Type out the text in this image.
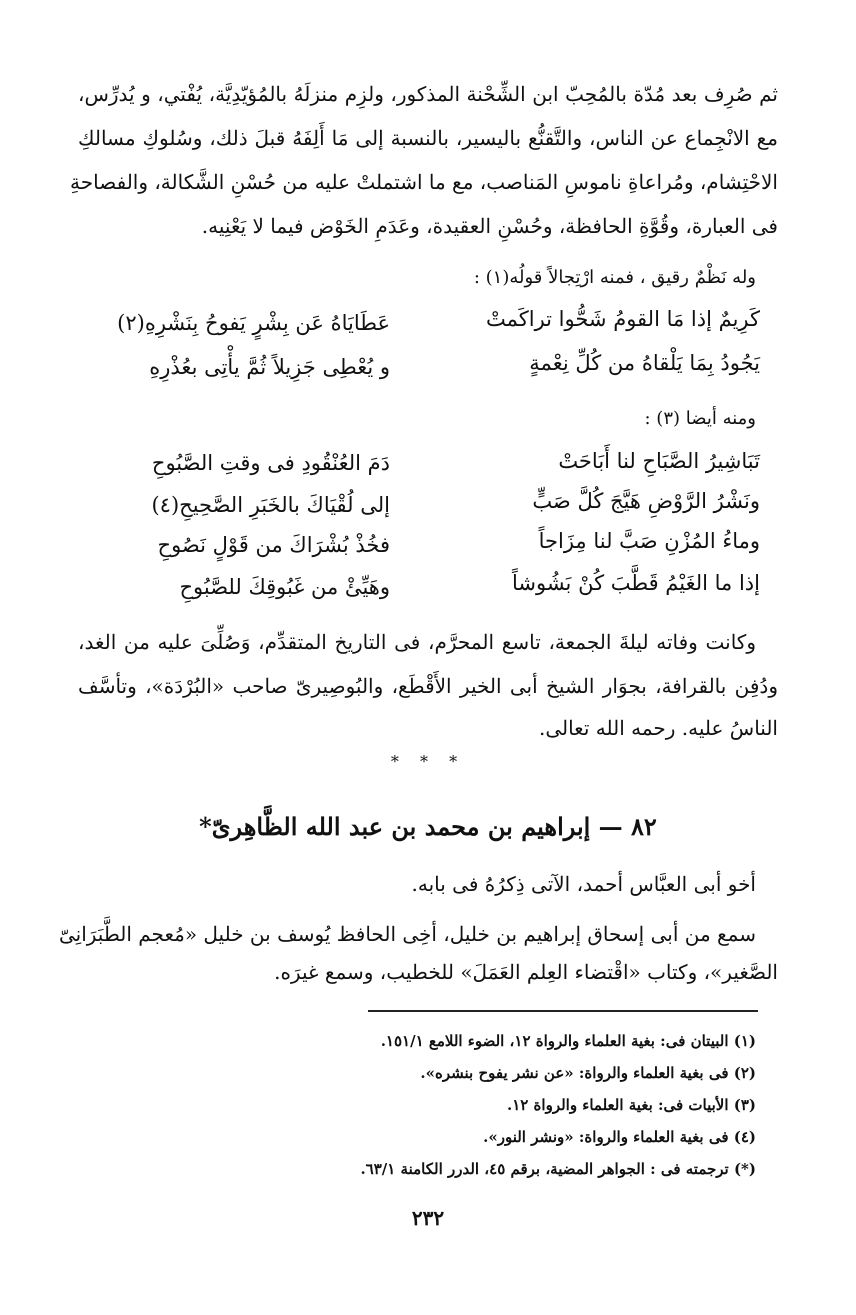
ثم صُرِف بعد مُدّة بالمُحِبّ ابن الشِّحْنة المذكور، ولزِم منزلَهُ بالمُؤيّدِيَّة، يُفْتي، و يُدرِّس،
مع الانْجِماع عن الناس، والتَّقنُّع باليسير، بالنسبة إلى مَا أَلِفَهُ قبلَ ذلك، وسُلوكِ مسالكِ
الاحْتِشام، ومُراعاةِ ناموسِ المَناصب، مع ما اشتملتْ عليه من حُسْنِ الشَّكالة، والفصاحةِ
فى العبارة، وقُوَّةِ الحافظة، وحُسْنِ العقيدة، وعَدَمِ الخَوْض فيما لا يَعْنِيه.
وله نَظْمٌ رقيق ، فمنه ارْتِجالاً قولُه(١) :
كَرِيمٌ إذا مَا القومُ شَحُّوا تراكَمتْ
عَطَايَاهُ عَن بِشْرٍ يَفوحُ بِنَشْرِهِ(٢)
يَجُودُ بِمَا يَلْقاهُ من كُلِّ نِعْمةٍ
و يُعْطِى جَزِيلاً ثُمَّ يأْتِى بعُذْرِهِ
ومنه أيضا (٣) :
تَبَاشِيرُ الصَّبَاحِ لنا أَبَاحَتْ
دَمَ العُنْقُودِ فى وقتِ الصَّبُوحِ
ونَشْرُ الرَّوْضِ هَيَّجَ كُلَّ صَبٍّ
إلى لُقْيَاكَ بالخَبَرِ الصَّحِيحِ(٤)
وماءُ المُزْنِ صَبَّ لنا مِزَاجاً
فخُذْ بُشْرَاكَ من قَوْلٍ نَصُوحِ
إذا ما الغَيْمُ قَطَّبَ كُنْ بَشُوشاً
وهَيِّئْ من غَبُوقِكَ للصَّبُوحِ
وكانت وفاته ليلةَ الجمعة، تاسع المحرَّم، فى التاريخ المتقدِّم، وَصُلِّىَ عليه من الغد،
ودُفِن بالقرافة، بجوَار الشيخ أبى الخير الأَقْطَع، والبُوصِيرىّ صاحب «البُرْدَة»، وتأسَّف
الناسُ عليه. رحمه الله تعالى.
* * *
٨٢ — إبراهيم بن محمد بن عبد الله الظَّاهِرىّ*
أخو أبى العبَّاس أحمد، الآتى ذِكرُهُ فى بابه.
سمع من أبى إسحاق إبراهيم بن خليل، أخِى الحافظ يُوسف بن خليل «مُعجم الطَّبَرَانِىّ
الصَّغير»، وكتاب «اقْتضاء العِلم العَمَلَ» للخطيب، وسمع غيرَه.
(١) البيتان فى: بغية العلماء والرواة ١٢، الضوء اللامع ١٥١/١.
(٢) فى بغية العلماء والرواة: «عن نشر يفوح بنشره».
(٣) الأبيات فى: بغية العلماء والرواة ١٢.
(٤) فى بغية العلماء والرواة: «ونشر النور».
(*) ترجمته فى : الجواهر المضية، برقم ٤٥، الدرر الكامنة ٦٣/١.
٢٣٢
